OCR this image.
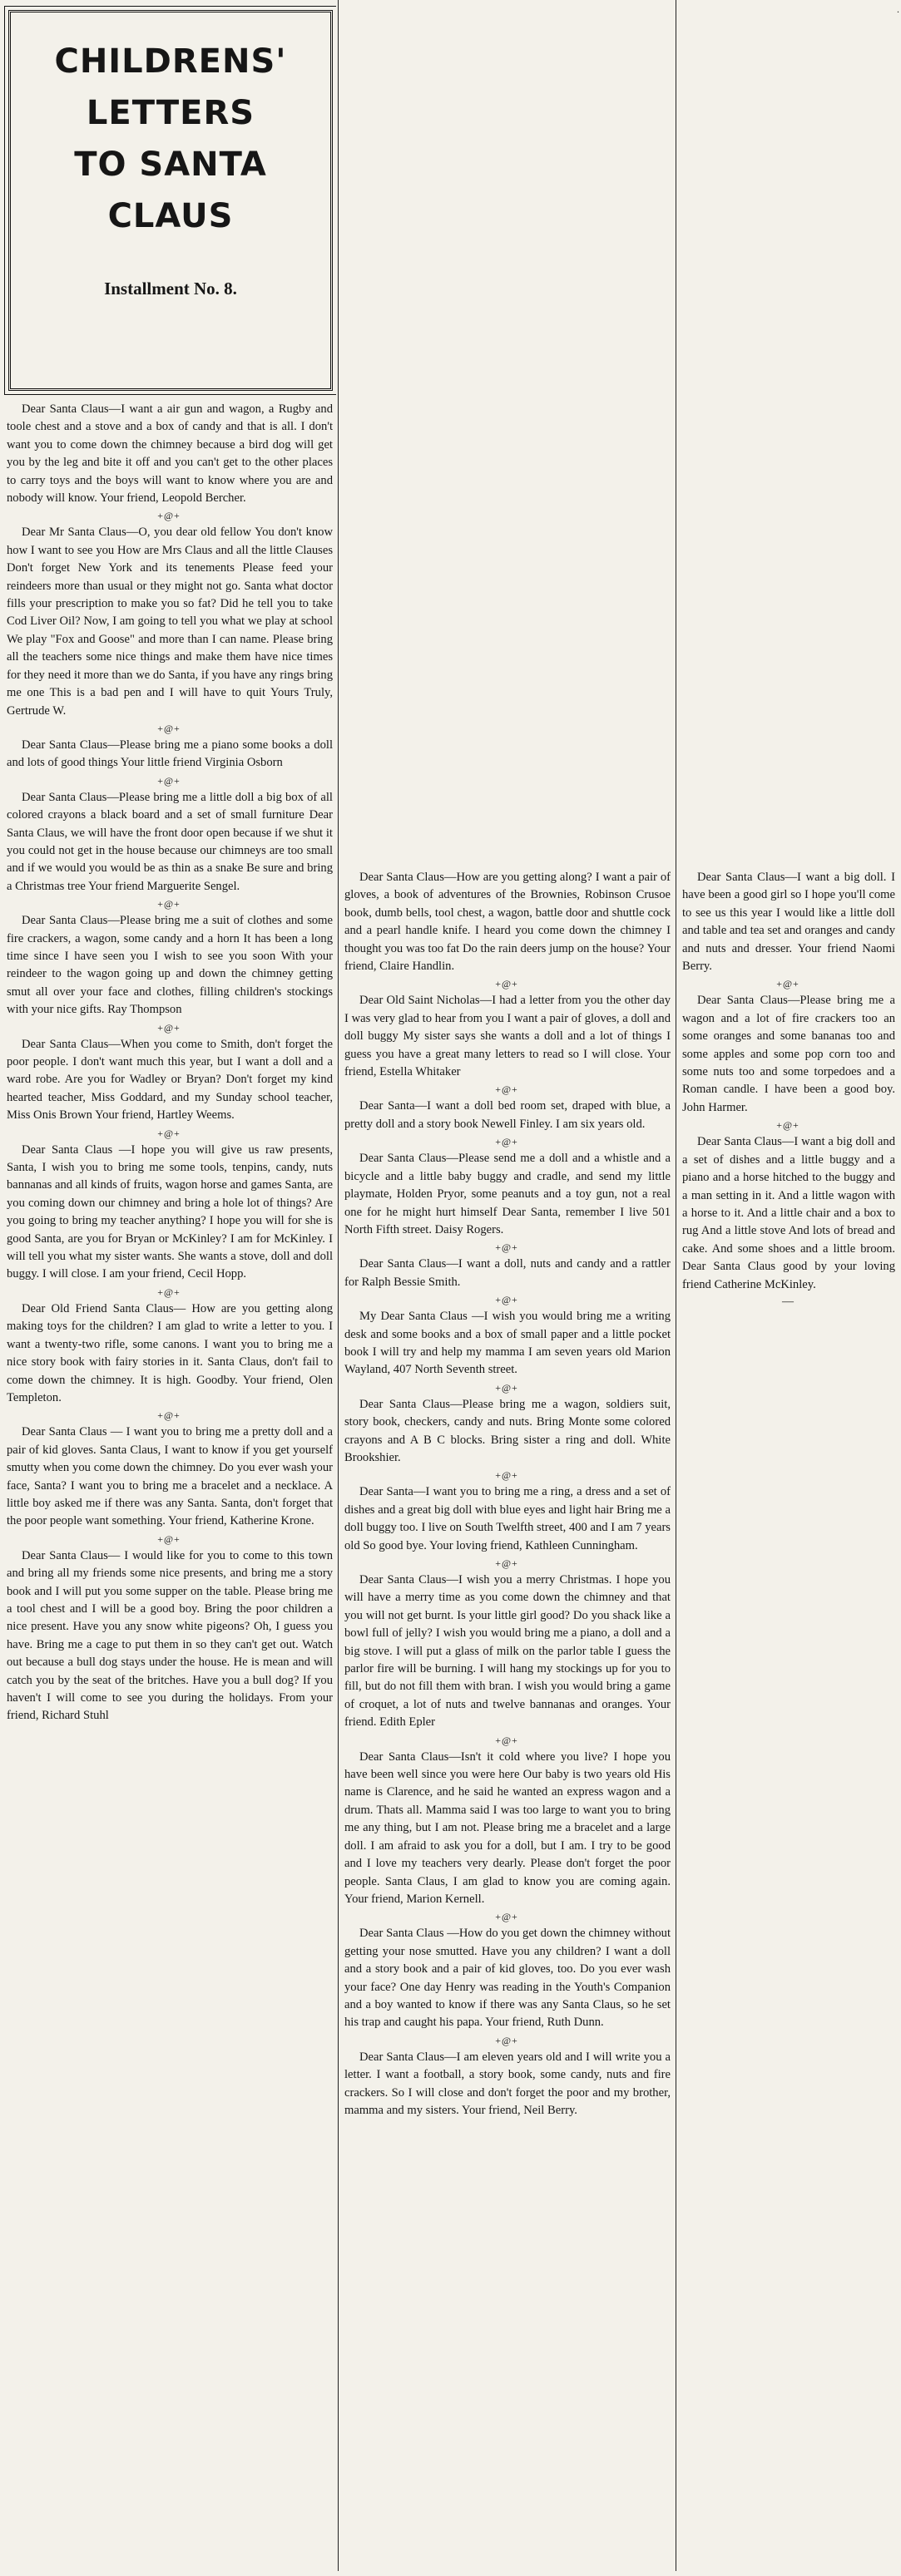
.
CHILDRENS'
LETTERS
TO SANTA CLAUS
Installment No. 8.

Dear Santa Claus—I want a air gun and wagon, a Rugby and toole chest and a stove and a box of candy and that is all. I don't want you to come down the chimney because a bird dog will get you by the leg and bite it off and you can't get to the other places to carry toys and the boys will want to know where you are and nobody will know. Your friend, Leopold Bercher.

+@+

Dear Mr Santa Claus—O, you dear old fellow You don't know how I want to see you How are Mrs Claus and all the little Clauses Don't forget New York and its tenements Please feed your reindeers more than usual or they might not go. Santa what doctor fills your prescription to make you so fat? Did he tell you to take Cod Liver Oil? Now, I am going to tell you what we play at school We play "Fox and Goose" and more than I can name. Please bring all the teachers some nice things and make them have nice times for they need it more than we do Santa, if you have any rings bring me one This is a bad pen and I will have to quit Yours Truly, Gertrude W.

+@+

Dear Santa Claus—Please bring me a piano some books a doll and lots of good things Your little friend Virginia Osborn

+@+

Dear Santa Claus—Please bring me a little doll a big box of all colored crayons a black board and a set of small furniture Dear Santa Claus, we will have the front door open because if we shut it you could not get in the house because our chimneys are too small and if we would you would be as thin as a snake Be sure and bring a Christmas tree Your friend Marguerite Sengel.

+@+

Dear Santa Claus—Please bring me a suit of clothes and some fire crackers, a wagon, some candy and a horn It has been a long time since I have seen you I wish to see you soon With your reindeer to the wagon going up and down the chimney getting smut all over your face and clothes, filling children's stockings with your nice gifts. Ray Thompson

+@+

Dear Santa Claus—When you come to Smith, don't forget the poor people. I don't want much this year, but I want a doll and a ward robe. Are you for Wadley or Bryan? Don't forget my kind hearted teacher, Miss Goddard, and my Sunday school teacher, Miss Onis Brown Your friend, Hartley Weems.

+@+

Dear Santa Claus —I hope you will give us raw presents, Santa, I wish you to bring me some tools, tenpins, candy, nuts bannanas and all kinds of fruits, wagon horse and games Santa, are you coming down our chimney and bring a hole lot of things? Are you going to bring my teacher anything? I hope you will for she is good Santa, are you for Bryan or McKinley? I am for McKinley. I will tell you what my sister wants. She wants a stove, doll and doll buggy. I will close. I am your friend, Cecil Hopp.

+@+

Dear Old Friend Santa Claus— How are you getting along making toys for the children? I am glad to write a letter to you. I want a twenty-two rifle, some canons. I want you to bring me a nice story book with fairy stories in it. Santa Claus, don't fail to come down the chimney. It is high. Goodby. Your friend, Olen Templeton.

+@+

Dear Santa Claus — I want you to bring me a pretty doll and a pair of kid gloves. Santa Claus, I want to know if you get yourself smutty when you come down the chimney. Do you ever wash your face, Santa? I want you to bring me a bracelet and a necklace. A little boy asked me if there was any Santa. Santa, don't forget that the poor people want something. Your friend, Katherine Krone.

+@+

Dear Santa Claus— I would like for you to come to this town and bring all my friends some nice presents, and bring me a story book and I will put you some supper on the table. Please bring me a tool chest and I will be a good boy. Bring the poor children a nice present. Have you any snow white pigeons? Oh, I guess you have. Bring me a cage to put them in so they can't get out. Watch out because a bull dog stays under the house. He is mean and will catch you by the seat of the britches. Have you a bull dog? If you haven't I will come to see you during the holidays. From your friend, Richard Stuhl

Dear Santa Claus—How are you getting along? I want a pair of gloves, a book of adventures of the Brownies, Robinson Crusoe book, dumb bells, tool chest, a wagon, battle door and shuttle cock and a pearl handle knife. I heard you come down the chimney I thought you was too fat Do the rain deers jump on the house? Your friend, Claire Handlin.

+@+

Dear Old Saint Nicholas—I had a letter from you the other day I was very glad to hear from you I want a pair of gloves, a doll and doll buggy My sister says she wants a doll and a lot of things I guess you have a great many letters to read so I will close. Your friend, Estella Whitaker

+@+

Dear Santa—I want a doll bed room set, draped with blue, a pretty doll and a story book Newell Finley. I am six years old.

+@+

Dear Santa Claus—Please send me a doll and a whistle and a bicycle and a little baby buggy and cradle, and send my little playmate, Holden Pryor, some peanuts and a toy gun, not a real one for he might hurt himself Dear Santa, remember I live 501 North Fifth street. Daisy Rogers.

+@+

Dear Santa Claus—I want a doll, nuts and candy and a rattler for Ralph Bessie Smith.

+@+

My Dear Santa Claus —I wish you would bring me a writing desk and some books and a box of small paper and a little pocket book I will try and help my mamma I am seven years old Marion Wayland, 407 North Seventh street.

+@+

Dear Santa Claus—Please bring me a wagon, soldiers suit, story book, checkers, candy and nuts. Bring Monte some colored crayons and A B C blocks. Bring sister a ring and doll. White Brookshier.

+@+

Dear Santa—I want you to bring me a ring, a dress and a set of dishes and a great big doll with blue eyes and light hair Bring me a doll buggy too. I live on South Twelfth street, 400 and I am 7 years old So good bye. Your loving friend, Kathleen Cunningham.

+@+

Dear Santa Claus—I wish you a merry Christmas. I hope you will have a merry time as you come down the chimney and that you will not get burnt. Is your little girl good? Do you shack like a bowl full of jelly? I wish you would bring me a piano, a doll and a big stove. I will put a glass of milk on the parlor table I guess the parlor fire will be burning. I will hang my stockings up for you to fill, but do not fill them with bran. I wish you would bring a game of croquet, a lot of nuts and twelve bannanas and oranges. Your friend. Edith Epler

+@+

Dear Santa Claus—Isn't it cold where you live? I hope you have been well since you were here Our baby is two years old His name is Clarence, and he said he wanted an express wagon and a drum. Thats all. Mamma said I was too large to want you to bring me any thing, but I am not. Please bring me a bracelet and a large doll. I am afraid to ask you for a doll, but I am. I try to be good and I love my teachers very dearly. Please don't forget the poor people. Santa Claus, I am glad to know you are coming again. Your friend, Marion Kernell.

+@+

Dear Santa Claus —How do you get down the chimney without getting your nose smutted. Have you any children? I want a doll and a story book and a pair of kid gloves, too. Do you ever wash your face? One day Henry was reading in the Youth's Companion and a boy wanted to know if there was any Santa Claus, so he set his trap and caught his papa. Your friend, Ruth Dunn.

+@+

Dear Santa Claus—I am eleven years old and I will write you a letter. I want a football, a story book, some candy, nuts and fire crackers. So I will close and don't forget the poor and my brother, mamma and my sisters. Your friend, Neil Berry.

Dear Santa Claus—I want a big doll. I have been a good girl so I hope you'll come to see us this year I would like a little doll and table and tea set and oranges and candy and nuts and dresser. Your friend Naomi Berry.

+@+

Dear Santa Claus—Please bring me a wagon and a lot of fire crackers too an some oranges and some bananas too and some apples and some pop corn too and some nuts too and some torpedoes and a Roman candle. I have been a good boy. John Harmer.

+@+

Dear Santa Claus—I want a big doll and a set of dishes and a little buggy and a piano and a horse hitched to the buggy and a man setting in it. And a little wagon with a horse to it. And a little chair and a box to rug And a little stove And lots of bread and cake. And some shoes and a little broom. Dear Santa Claus good by your loving friend Catherine McKinley.

—
